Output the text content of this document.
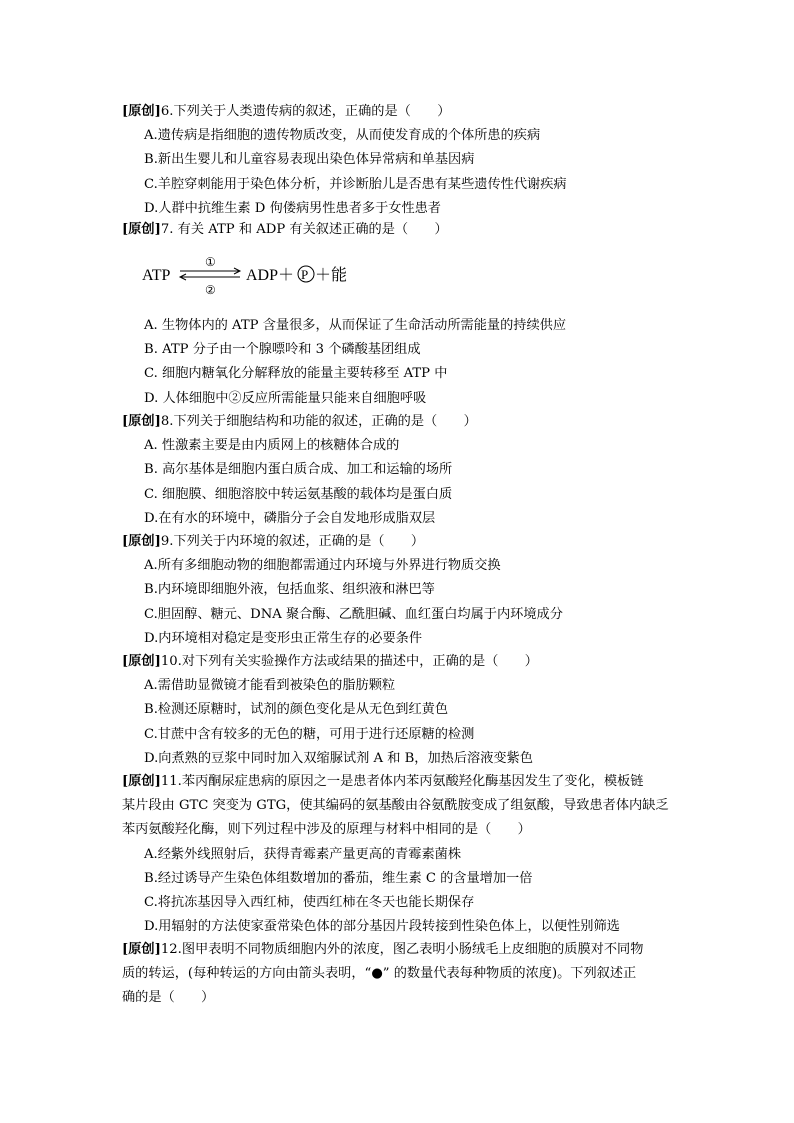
[原创]6.下列关于人类遗传病的叙述，正确的是（　　）
A.遗传病是指细胞的遗传物质改变，从而使发育成的个体所患的疾病
B.新出生婴儿和儿童容易表现出染色体异常病和单基因病
C.羊腔穿刺能用于染色体分析，并诊断胎儿是否患有某些遗传性代谢疾病
D.人群中抗维生素 D 佝偻病男性患者多于女性患者
[原创]7. 有关 ATP 和 ADP 有关叙述正确的是（　　）
ATP
①
②
ADP＋ P ＋能
A. 生物体内的 ATP 含量很多，从而保证了生命活动所需能量的持续供应
B. ATP 分子由一个腺嘌呤和 3 个磷酸基团组成
C. 细胞内糖氧化分解释放的能量主要转移至 ATP 中
D. 人体细胞中②反应所需能量只能来自细胞呼吸
[原创]8.下列关于细胞结构和功能的叙述，正确的是（　　）
A. 性激素主要是由内质网上的核糖体合成的
B. 高尔基体是细胞内蛋白质合成、加工和运输的场所
C. 细胞膜、细胞溶胶中转运氨基酸的载体均是蛋白质
D.在有水的环境中，磷脂分子会自发地形成脂双层
[原创]9.下列关于内环境的叙述，正确的是（　　）
A.所有多细胞动物的细胞都需通过内环境与外界进行物质交换
B.内环境即细胞外液，包括血浆、组织液和淋巴等
C.胆固醇、糖元、DNA 聚合酶、乙酰胆碱、血红蛋白均属于内环境成分
D.内环境相对稳定是变形虫正常生存的必要条件
[原创]10.对下列有关实验操作方法或结果的描述中，正确的是（　　）
A.需借助显微镜才能看到被染色的脂肪颗粒
B.检测还原糖时，试剂的颜色变化是从无色到红黄色
C.甘蔗中含有较多的无色的糖，可用于进行还原糖的检测
D.向煮熟的豆浆中同时加入双缩脲试剂 A 和 B，加热后溶液变紫色
[原创]11.苯丙酮尿症患病的原因之一是患者体内苯丙氨酸羟化酶基因发生了变化，模板链
某片段由 GTC 突变为 GTG，使其编码的氨基酸由谷氨酰胺变成了组氨酸，导致患者体内缺乏
苯丙氨酸羟化酶，则下列过程中涉及的原理与材料中相同的是（　　）
A.经紫外线照射后，获得青霉素产量更高的青霉素菌株
B.经过诱导产生染色体组数增加的番茄，维生素 C 的含量增加一倍
C.将抗冻基因导入西红柿，使西红柿在冬天也能长期保存
D.用辐射的方法使家蚕常染色体的部分基因片段转接到性染色体上，以便性别筛选
[原创]12.图甲表明不同物质细胞内外的浓度，图乙表明小肠绒毛上皮细胞的质膜对不同物
质的转运，(每种转运的方向由箭头表明，“●” 的数量代表每种物质的浓度)。下列叙述正
确的是（　　）
